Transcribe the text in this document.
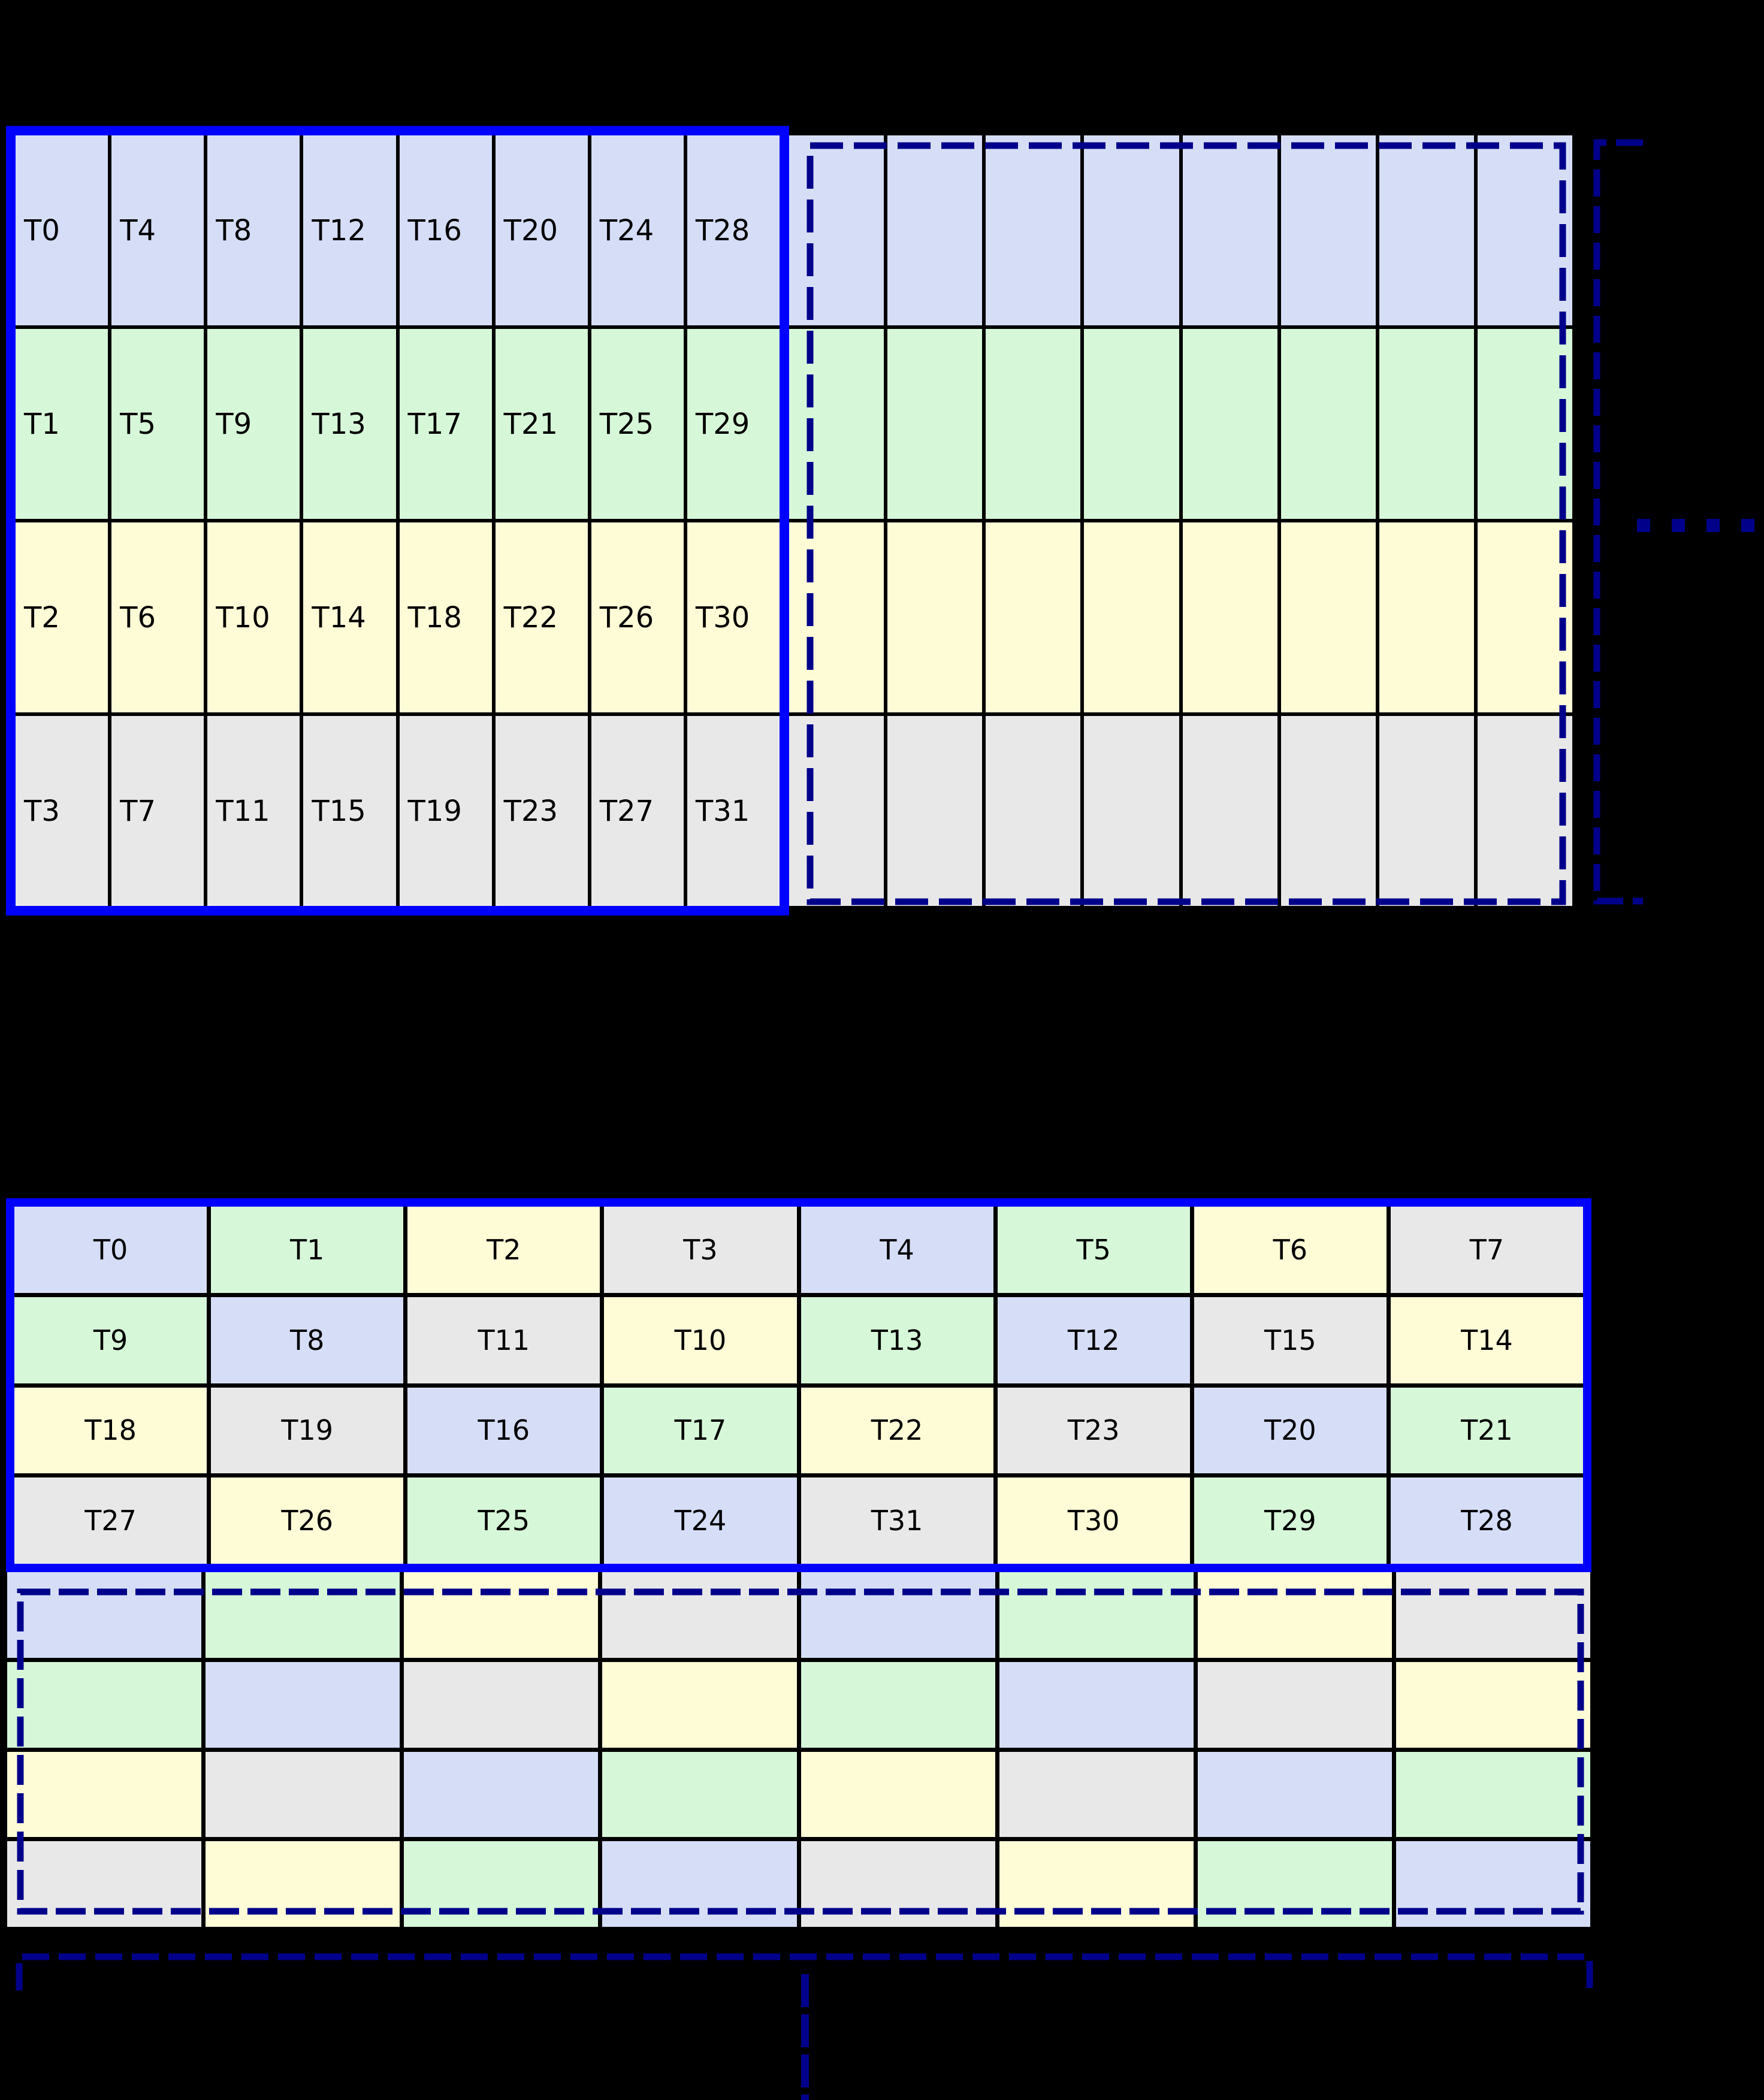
T0	T4	T8	T12	T16	T20	T24	T28
T1	T5	T9	T13	T17	T21	T25	T29
T2	T6	T10	T14	T18	T22	T26	T30
T3	T7	T11	T15	T19	T23	T27	T31
T0	T1	T2	T3	T4	T5	T6	T7
T9	T8	T11	T10	T13	T12	T15	T14
T18	T19	T16	T17	T22	T23	T20	T21
T27	T26	T25	T24	T31	T30	T29	T28
